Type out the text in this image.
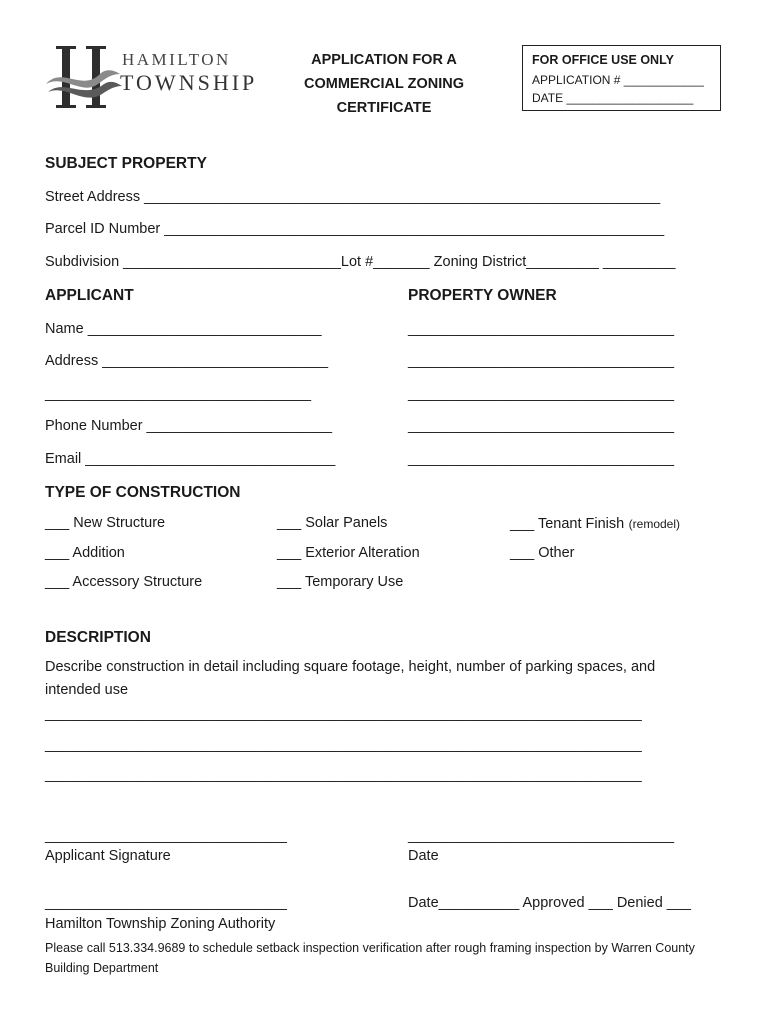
HAMILTON
TOWNSHIP
APPLICATION FOR A
COMMERCIAL ZONING
CERTIFICATE
FOR OFFICE USE ONLY
APPLICATION # ____________
DATE ___________________
SUBJECT PROPERTY
Street Address ________________________________________________________________
Parcel ID Number ______________________________________________________________
Subdivision ___________________________Lot #_______ Zoning District_________ _________
APPLICANT
Name _____________________________
Address ____________________________
_________________________________
Phone Number _______________________
Email _______________________________
PROPERTY OWNER
_________________________________
_________________________________
_________________________________
_________________________________
_________________________________
TYPE OF CONSTRUCTION
___ New Structure
___ Addition
___ Accessory Structure
___ Solar Panels
___ Exterior Alteration
___ Temporary Use
___ Tenant Finish (remodel)
___ Other
DESCRIPTION
Describe construction in detail including square footage, height, number of parking spaces, and
intended use
__________________________________________________________________________
__________________________________________________________________________
__________________________________________________________________________
______________________________
Applicant Signature
_________________________________
Date
______________________________	Date__________ Approved ___ Denied ___
Hamilton Township Zoning Authority
Please call 513.334.9689 to schedule setback inspection verification after rough framing inspection by Warren County
Building Department
